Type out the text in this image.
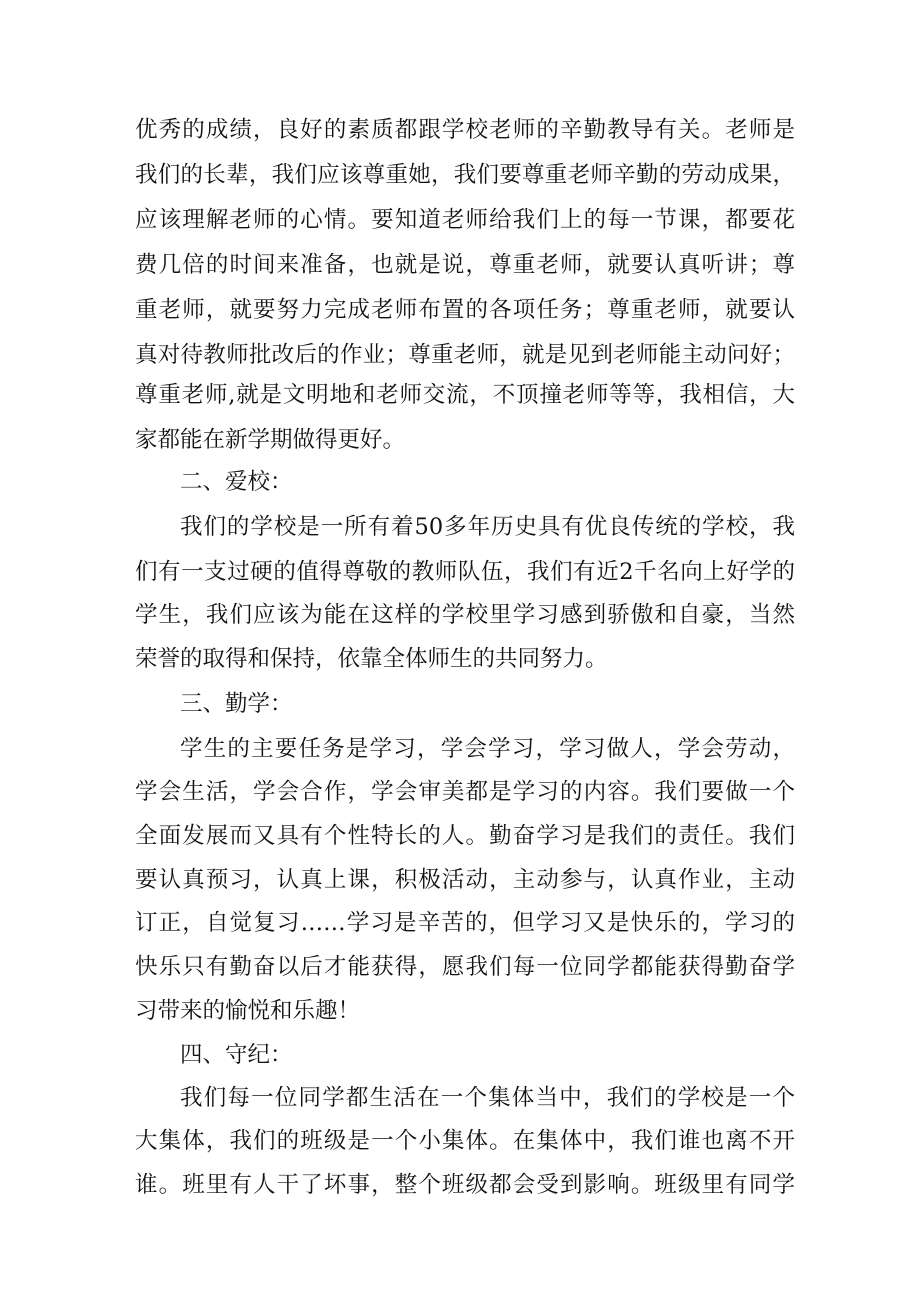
优秀的成绩，良好的素质都跟学校老师的辛勤教导有关。老师是
我们的长辈，我们应该尊重她，我们要尊重老师辛勤的劳动成果，
应该理解老师的心情。要知道老师给我们上的每一节课，都要花
费几倍的时间来准备，也就是说，尊重老师，就要认真听讲；尊
重老师，就要努力完成老师布置的各项任务；尊重老师，就要认
真对待教师批改后的作业；尊重老师，就是见到老师能主动问好；
尊重老师,就是文明地和老师交流，不顶撞老师等等，我相信，大
家都能在新学期做得更好。
二、爱校：
我们的学校是一所有着50多年历史具有优良传统的学校，我
们有一支过硬的值得尊敬的教师队伍，我们有近2千名向上好学的
学生，我们应该为能在这样的学校里学习感到骄傲和自豪，当然
荣誉的取得和保持，依靠全体师生的共同努力。
三、勤学：
学生的主要任务是学习，学会学习，学习做人，学会劳动，
学会生活，学会合作，学会审美都是学习的内容。我们要做一个
全面发展而又具有个性特长的人。勤奋学习是我们的责任。我们
要认真预习，认真上课，积极活动，主动参与，认真作业，主动
订正，自觉复习……学习是辛苦的，但学习又是快乐的，学习的
快乐只有勤奋以后才能获得，愿我们每一位同学都能获得勤奋学
习带来的愉悦和乐趣！
四、守纪：
我们每一位同学都生活在一个集体当中，我们的学校是一个
大集体，我们的班级是一个小集体。在集体中，我们谁也离不开
谁。班里有人干了坏事，整个班级都会受到影响。班级里有同学
